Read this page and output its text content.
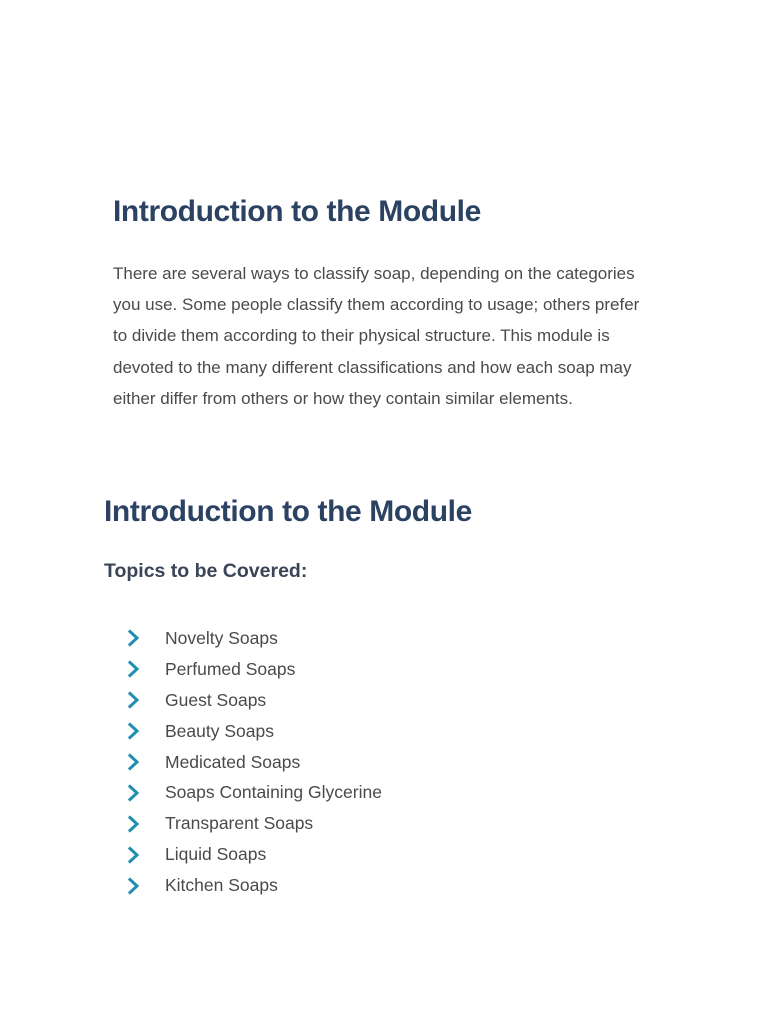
Introduction to the Module

There are several ways to classify soap, depending on the categories you use. Some people classify them according to usage; others prefer to divide them according to their physical structure. This module is devoted to the many different classifications and how each soap may either differ from others or how they contain similar elements.

Introduction to the Module
Topics to be Covered:
Novelty Soaps
Perfumed Soaps
Guest Soaps
Beauty Soaps
Medicated Soaps
Soaps Containing Glycerine
Transparent Soaps
Liquid Soaps
Kitchen Soaps
